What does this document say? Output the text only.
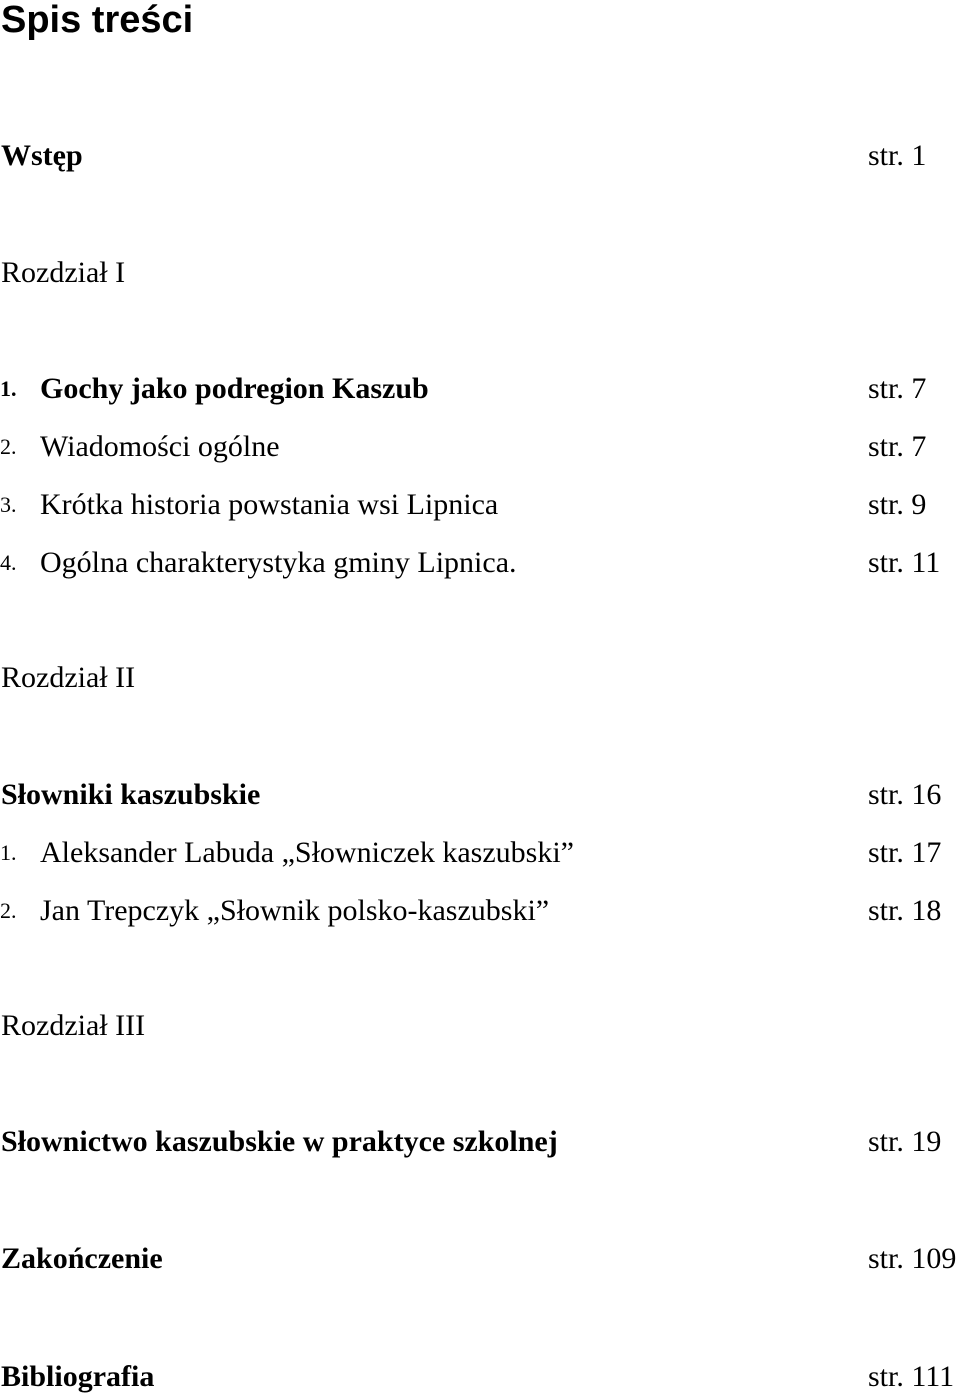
Spis treści
Wstęp	str. 1
Rozdział I
1. Gochy jako podregion Kaszub	str. 7
2. Wiadomości ogólne	str. 7
3. Krótka historia powstania wsi Lipnica	str. 9
4. Ogólna charakterystyka gminy Lipnica.	str. 11
Rozdział II
Słowniki kaszubskie	str. 16
1. Aleksander Labuda „Słowniczek kaszubski”	str. 17
2. Jan Trepczyk „Słownik polsko-kaszubski”	str. 18
Rozdział III
Słownictwo kaszubskie w praktyce szkolnej	str. 19
Zakończenie	str. 109
Bibliografia	str. 111
